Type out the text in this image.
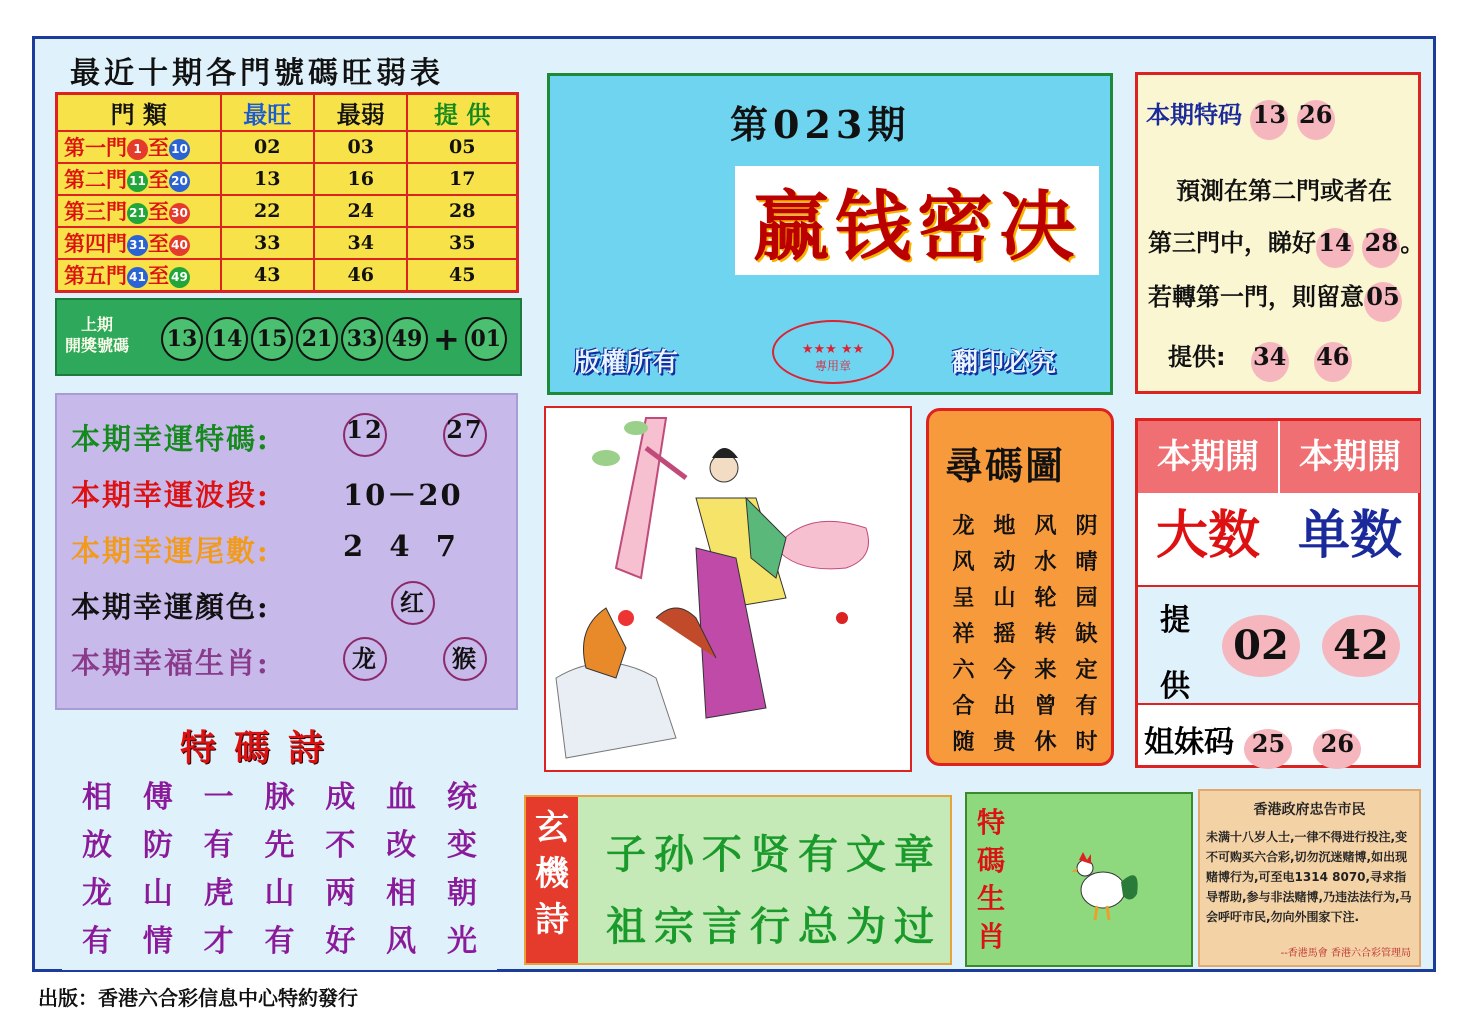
最近十期各門號碼旺弱表
門 類	最旺	最弱	提 供
第一門 1 至 10	02	03	05
第二門 11 至 20	13	16	17
第三門 21 至 30	22	24	28
第四門 31 至 40	33	34	35
第五門 41 至 49	43	46	45
上期
開獎號碼 13 14 15 21 33 49 + 01
第023期
赢钱密决
版權所有	翻印必究
★★★ ★★
專用章
本期特码 13 26
預測在第二門或者在
第三門中，睇好14 28。
若轉第一門，則留意05
提供: 34 46
本期幸運特碼:	12	27
本期幸運波段:	10－20
本期幸運尾數:	2  4  7
本期幸運顏色:	红
本期幸福生肖:	龙	猴
特碼詩
相 傅 一 脉 成 血 统
放 防 有 先 不 改 变
龙 山 虎 山 两 相 朝
有 情 才 有 好 风 光
尋碼圖
龙 地 风 阴
风 动 水 晴
呈 山 轮 园
祥 摇 转 缺
六 今 来 定
合 出 曾 有
随 贵 休 时
本期開	本期開
大数 单数
提
供
02 42
姐妹码 25 26
玄
機
詩
子孙不贤有文章
祖宗言行总为过
特
碼
生
肖
香港政府忠告市民
未满十八岁人士,一律不得进行投注,变不可购买六合彩,切勿沉迷赌博,如出现赌博行为,可至电1314 8070,寻求指导帮助,参与非法赌博,乃违法法行为,马会呼吁市民,勿向外围家下注.
--香港馬會 香港六合彩管理局
出版：香港六合彩信息中心特約發行
